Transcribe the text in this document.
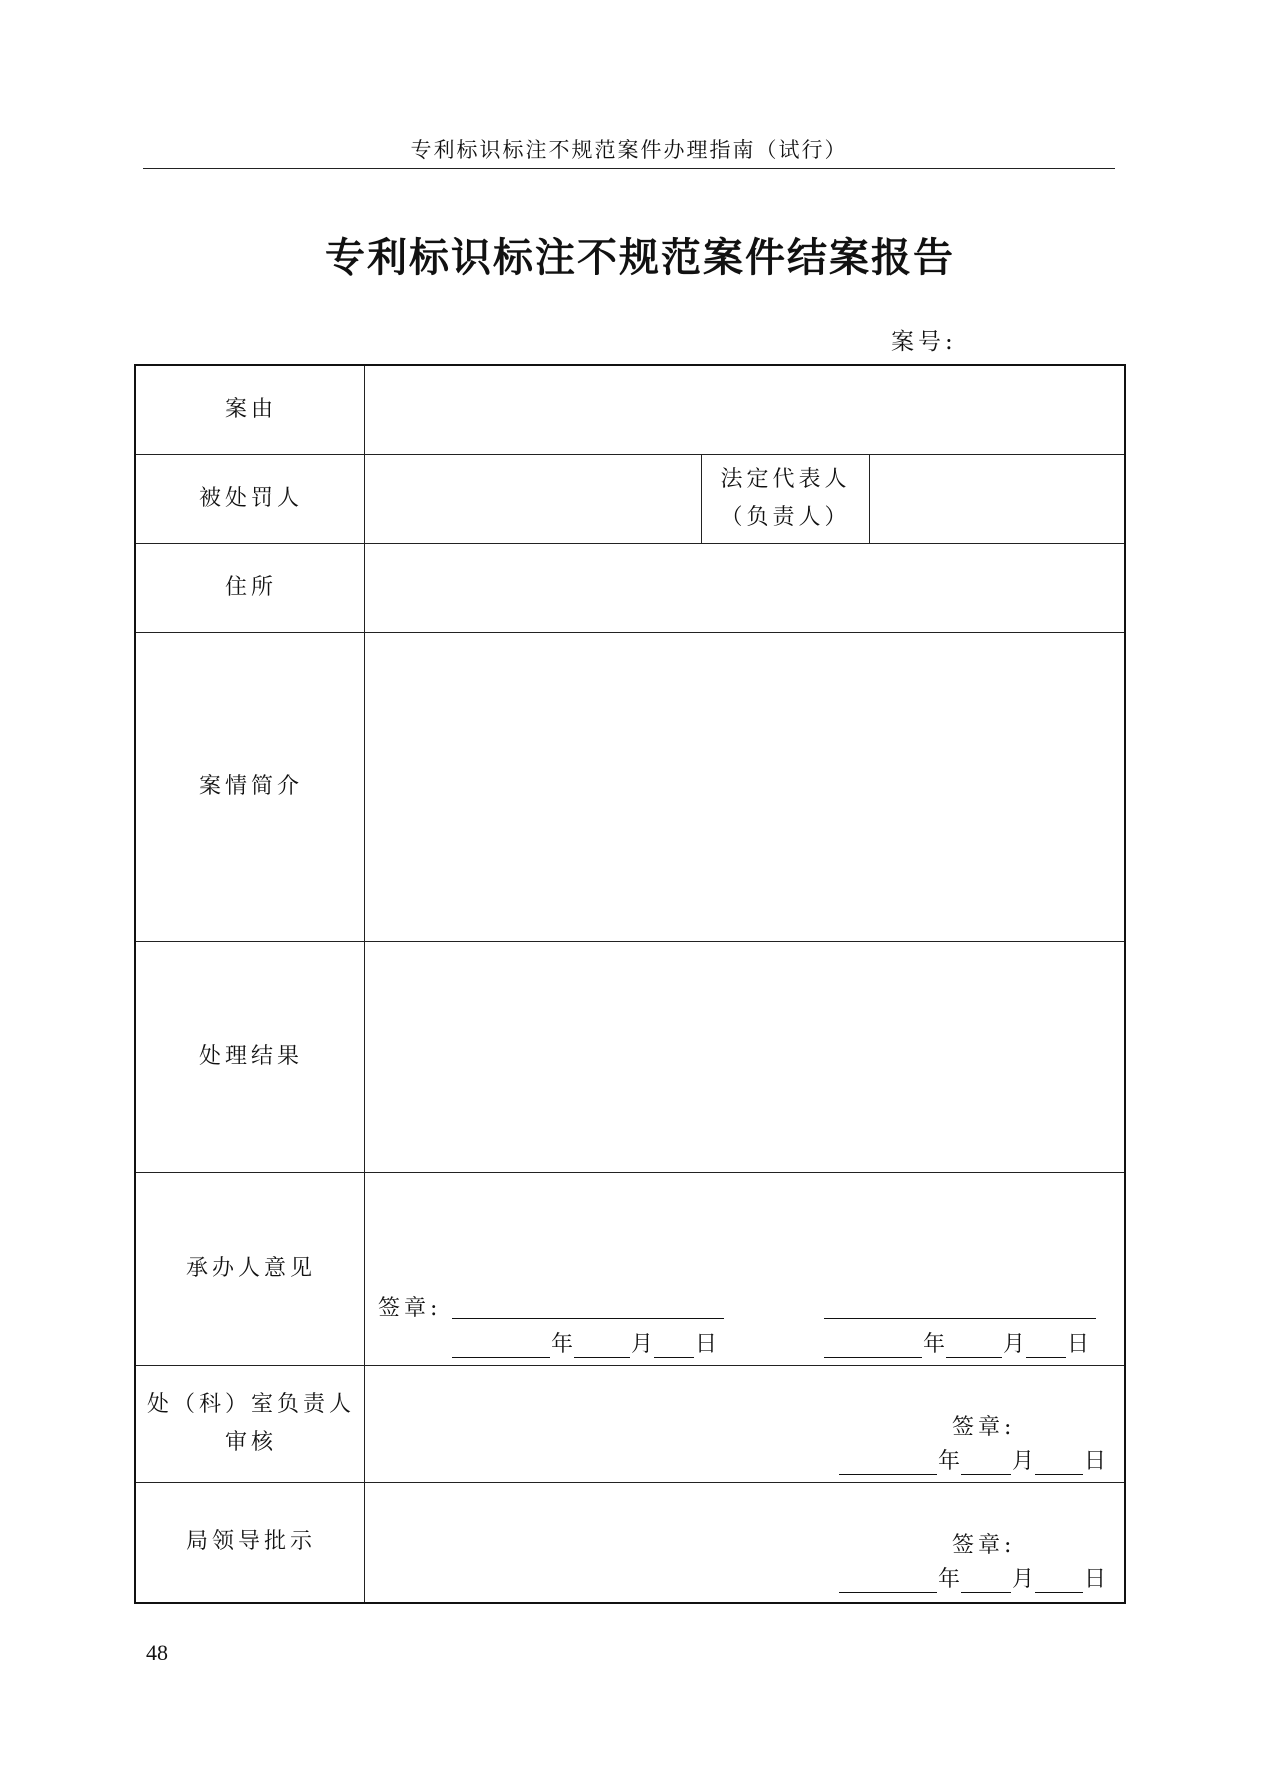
专利标识标注不规范案件办理指南（试行）
专利标识标注不规范案件结案报告
案号:
案由
被处罚人
法定代表人
（负责人）
住所
案情简介
处理结果
承办人意见
签章:
年	月 日	年	月 日
处（科）室负责人
审核
签章:
年 月 日
局领导批示	签章:
年 月 日
48
